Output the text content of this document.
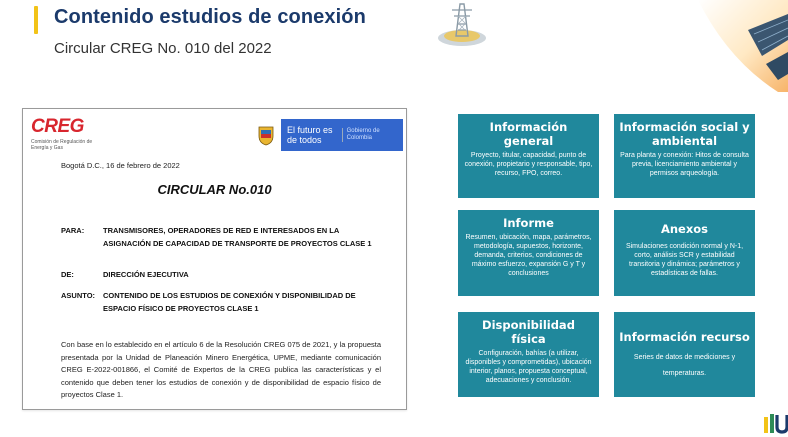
Contenido estudios de conexión
Circular CREG No. 010 del 2022
CREG
Comisión de Regulación de Energía y Gas
El futuro es de todos
Gobierno de Colombia
Bogotá D.C., 16 de febrero de 2022
CIRCULAR No.010
PARA:	TRANSMISORES, OPERADORES DE RED E INTERESADOS EN LA ASIGNACIÓN DE CAPACIDAD DE TRANSPORTE DE PROYECTOS CLASE 1
DE:	DIRECCIÓN EJECUTIVA
ASUNTO:	CONTENIDO DE LOS ESTUDIOS DE CONEXIÓN Y DISPONIBILIDAD DE ESPACIO FÍSICO DE PROYECTOS CLASE 1
Con base en lo establecido en el artículo 6 de la Resolución CREG 075 de 2021, y la propuesta presentada por la Unidad de Planeación Minero Energética, UPME, mediante comunicación CREG E-2022-001866, el Comité de Expertos de la CREG publica las características y el contenido que deben tener los estudios de conexión y de disponibilidad de espacio físico de proyectos Clase 1.
Información general

Proyecto, titular, capacidad, punto de conexión, propietario y responsable, tipo, recurso, FPO, correo.

Información social y ambiental

Para planta y conexión: Hitos de consulta previa, licenciamiento ambiental y permisos arqueología.

Informe

Resumen, ubicación, mapa, parámetros, metodología, supuestos, horizonte, demanda, criterios, condiciones de máximo esfuerzo, expansión G y T y conclusiones

Anexos

Simulaciones condición normal y N-1, corto, análisis SCR y estabilidad transitoria y dinámica; parámetros y estadísticas de fallas.

Disponibilidad física

Configuración, bahías (a utilizar, disponibles y comprometidas), ubicación interior, planos, propuesta conceptual, adecuaciones y conclusión.

Información recurso

Series de datos de mediciones y temperaturas.
